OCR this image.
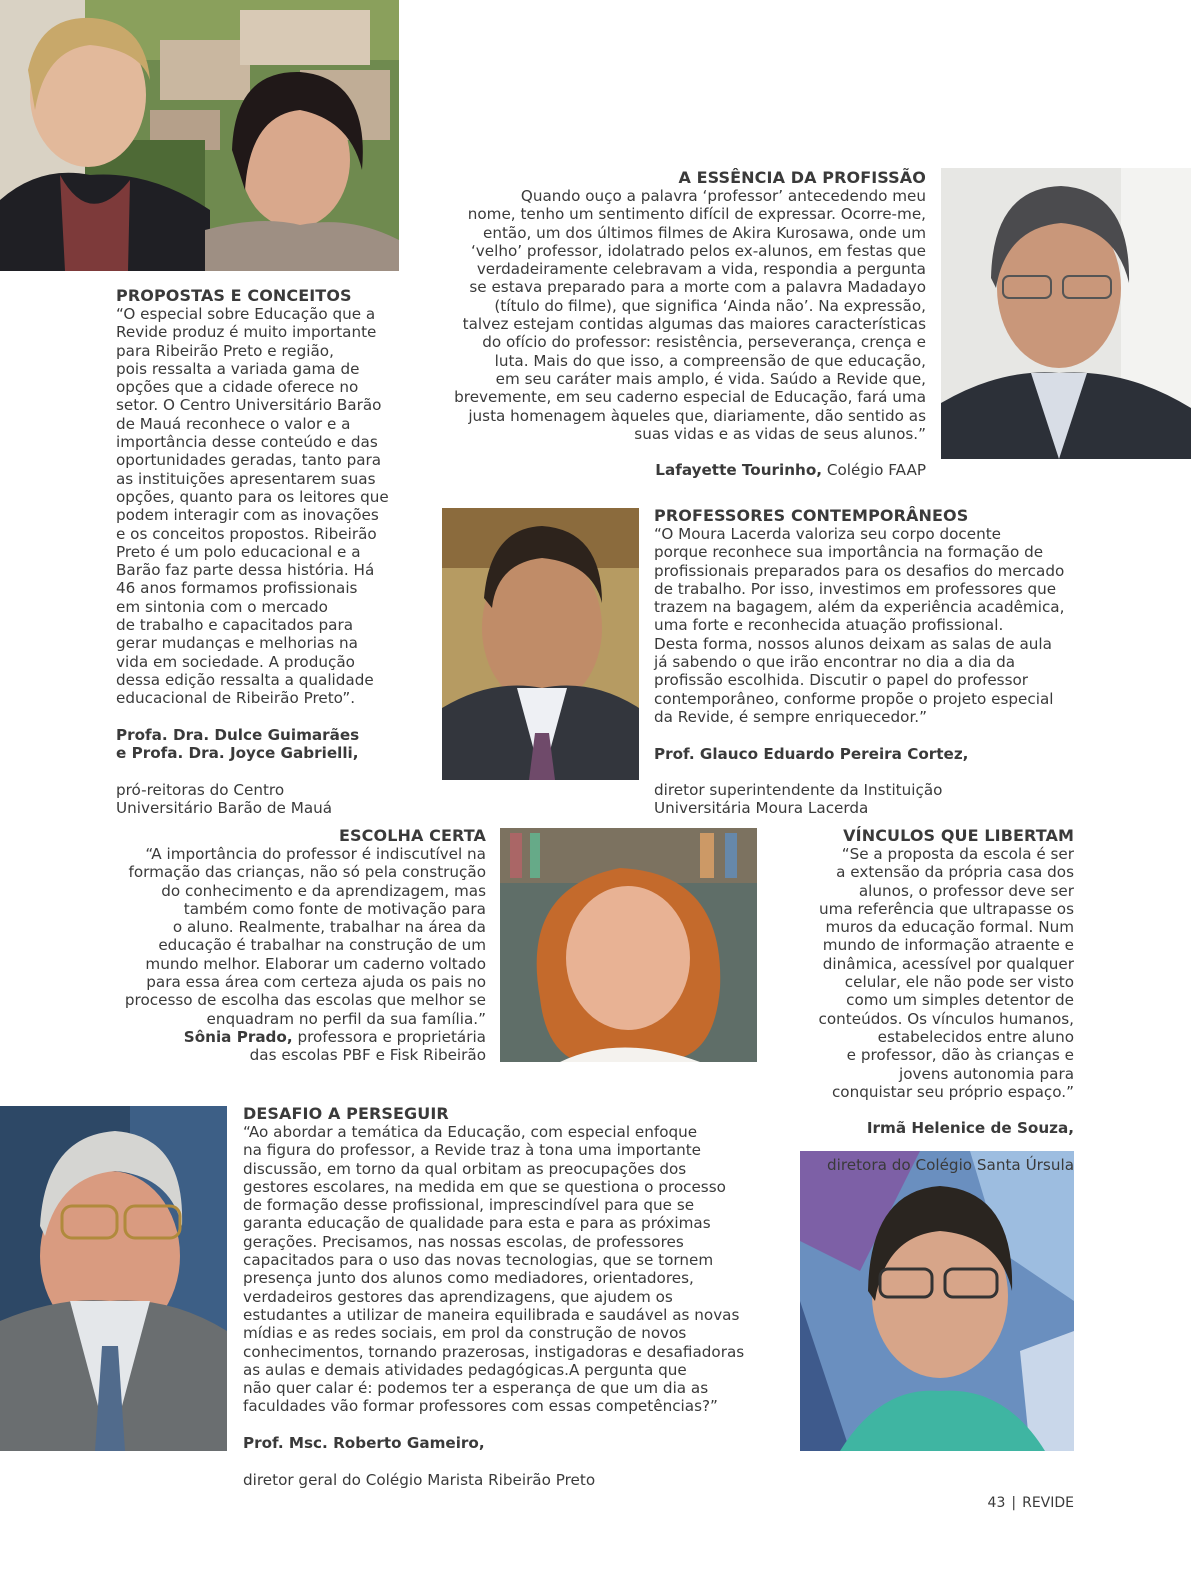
PROPOSTAS E CONCEITOS

“O especial sobre Educação que a
Revide produz é muito importante
para Ribeirão Preto e região,
pois ressalta a variada gama de
opções que a cidade oferece no
setor. O Centro Universitário Barão
de Mauá reconhece o valor e a
importância desse conteúdo e das
oportunidades geradas, tanto para
as instituições apresentarem suas
opções, quanto para os leitores que
podem interagir com as inovações
e os conceitos propostos. Ribeirão
Preto é um polo educacional e a
Barão faz parte dessa história. Há
46 anos formamos profissionais
em sintonia com o mercado
de trabalho e capacitados para
gerar mudanças e melhorias na
vida em sociedade. A produção
dessa edição ressalta a qualidade
educacional de Ribeirão Preto”.

Profa. Dra. Dulce Guimarães
e Profa. Dra. Joyce Gabrielli,

pró-reitoras do Centro
Universitário Barão de Mauá

A ESSÊNCIA DA PROFISSÃO

Quando ouço a palavra ‘professor’ antecedendo meu
nome, tenho um sentimento difícil de expressar. Ocorre-me,
então, um dos últimos filmes de Akira Kurosawa, onde um
‘velho’ professor, idolatrado pelos ex-alunos, em festas que
verdadeiramente celebravam a vida, respondia a pergunta
se estava preparado para a morte com a palavra Madadayo
(título do filme), que significa ‘Ainda não’. Na expressão,
talvez estejam contidas algumas das maiores características
do ofício do professor: resistência, perseverança, crença e
luta. Mais do que isso, a compreensão de que educação,
em seu caráter mais amplo, é vida. Saúdo a Revide que,
brevemente, em seu caderno especial de Educação, fará uma
justa homenagem àqueles que, diariamente, dão sentido as
suas vidas e as vidas de seus alunos.”

Lafayette Tourinho, Colégio FAAP

PROFESSORES CONTEMPORÂNEOS

“O Moura Lacerda valoriza seu corpo docente
porque reconhece sua importância na formação de
profissionais preparados para os desafios do mercado
de trabalho. Por isso, investimos em professores que
trazem na bagagem, além da experiência acadêmica,
uma forte e reconhecida atuação profissional.
Desta forma, nossos alunos deixam as salas de aula
já sabendo o que irão encontrar no dia a dia da
profissão escolhida. Discutir o papel do professor
contemporâneo, conforme propõe o projeto especial
da Revide, é sempre enriquecedor.”

Prof. Glauco Eduardo Pereira Cortez,

diretor superintendente da Instituição
Universitária Moura Lacerda

ESCOLHA CERTA

“A importância do professor é indiscutível na
formação das crianças, não só pela construção
do conhecimento e da aprendizagem, mas
também como fonte de motivação para
o aluno. Realmente, trabalhar na área da
educação é trabalhar na construção de um
mundo melhor. Elaborar um caderno voltado
para essa área com certeza ajuda os pais no
processo de escolha das escolas que melhor se
enquadram no perfil da sua família.”

Sônia Prado, professora e proprietária
das escolas PBF e Fisk Ribeirão
VÍNCULOS QUE LIBERTAM

“Se a proposta da escola é ser
a extensão da própria casa dos
alunos, o professor deve ser
uma referência que ultrapasse os
muros da educação formal. Num
mundo de informação atraente e
dinâmica, acessível por qualquer
celular, ele não pode ser visto
como um simples detentor de
conteúdos. Os vínculos humanos,
estabelecidos entre aluno
e professor, dão às crianças e
jovens autonomia para
conquistar seu próprio espaço.”

Irmã Helenice de Souza,

diretora do Colégio Santa Úrsula

DESAFIO A PERSEGUIR

“Ao abordar a temática da Educação, com especial enfoque
na figura do professor, a Revide traz à tona uma importante
discussão, em torno da qual orbitam as preocupações dos
gestores escolares, na medida em que se questiona o processo
de formação desse profissional, imprescindível para que se
garanta educação de qualidade para esta e para as próximas
gerações. Precisamos, nas nossas escolas, de professores
capacitados para o uso das novas tecnologias, que se tornem
presença junto dos alunos como mediadores, orientadores,
verdadeiros gestores das aprendizagens, que ajudem os
estudantes a utilizar de maneira equilibrada e saudável as novas
mídias e as redes sociais, em prol da construção de novos
conhecimentos, tornando prazerosas, instigadoras e desafiadoras
as aulas e demais atividades pedagógicas.A pergunta que
não quer calar é: podemos ter a esperança de que um dia as
faculdades vão formar professores com essas competências?”

Prof. Msc. Roberto Gameiro,

diretor geral do Colégio Marista Ribeirão Preto

43 | REVIDE
